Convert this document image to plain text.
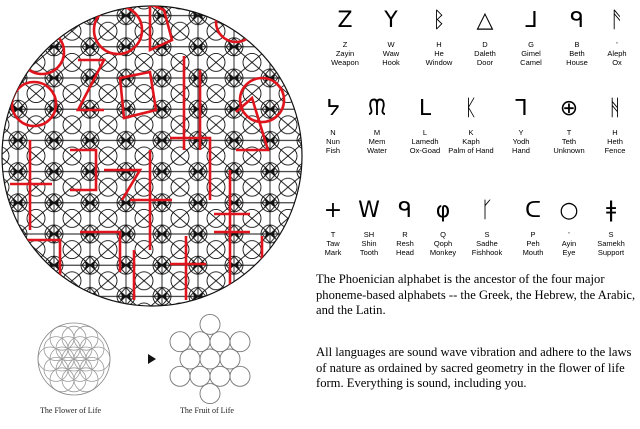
The Flower of Life	The Fruit of Life
Z
Z
Zayin
Weapon
Y
W
Waw
Hook
ᛒ
H
He
Window
△
D
Daleth
Door
ᒧ
G
Gimel
Camel
ᑫ
B
Beth
House
ᚫ
'
Aleph
Ox
ᔭ
N
Nun
Fish
ᙏ
M
Mem
Water
ᒪ
L
Lamedh
Ox-Goad
ᛕ
K
Kaph
Palm of Hand
ᒣ
Y
Yodh
Hand
⊕
T
Teth
Unknown
ᚻ
H
Heth
Fence
+
T
Taw
Mark
W
SH
Shin
Tooth
ᑫ
R
Resh
Head
φ
Q
Qoph
Monkey
ᚴ
S
Sadhe
Fishhook
ᑕ
P
Peh
Mouth
○
'
Ayin
Eye
ǂ
S
Samekh
Support

The Phoenician alphabet is the ancestor of the four major phoneme-based alphabets -- the Greek, the Hebrew, the Arabic, and the Latin.

All languages are sound wave vibration and adhere to the laws of nature as ordained by sacred geometry in the flower of life form. Everything is sound, including you.
